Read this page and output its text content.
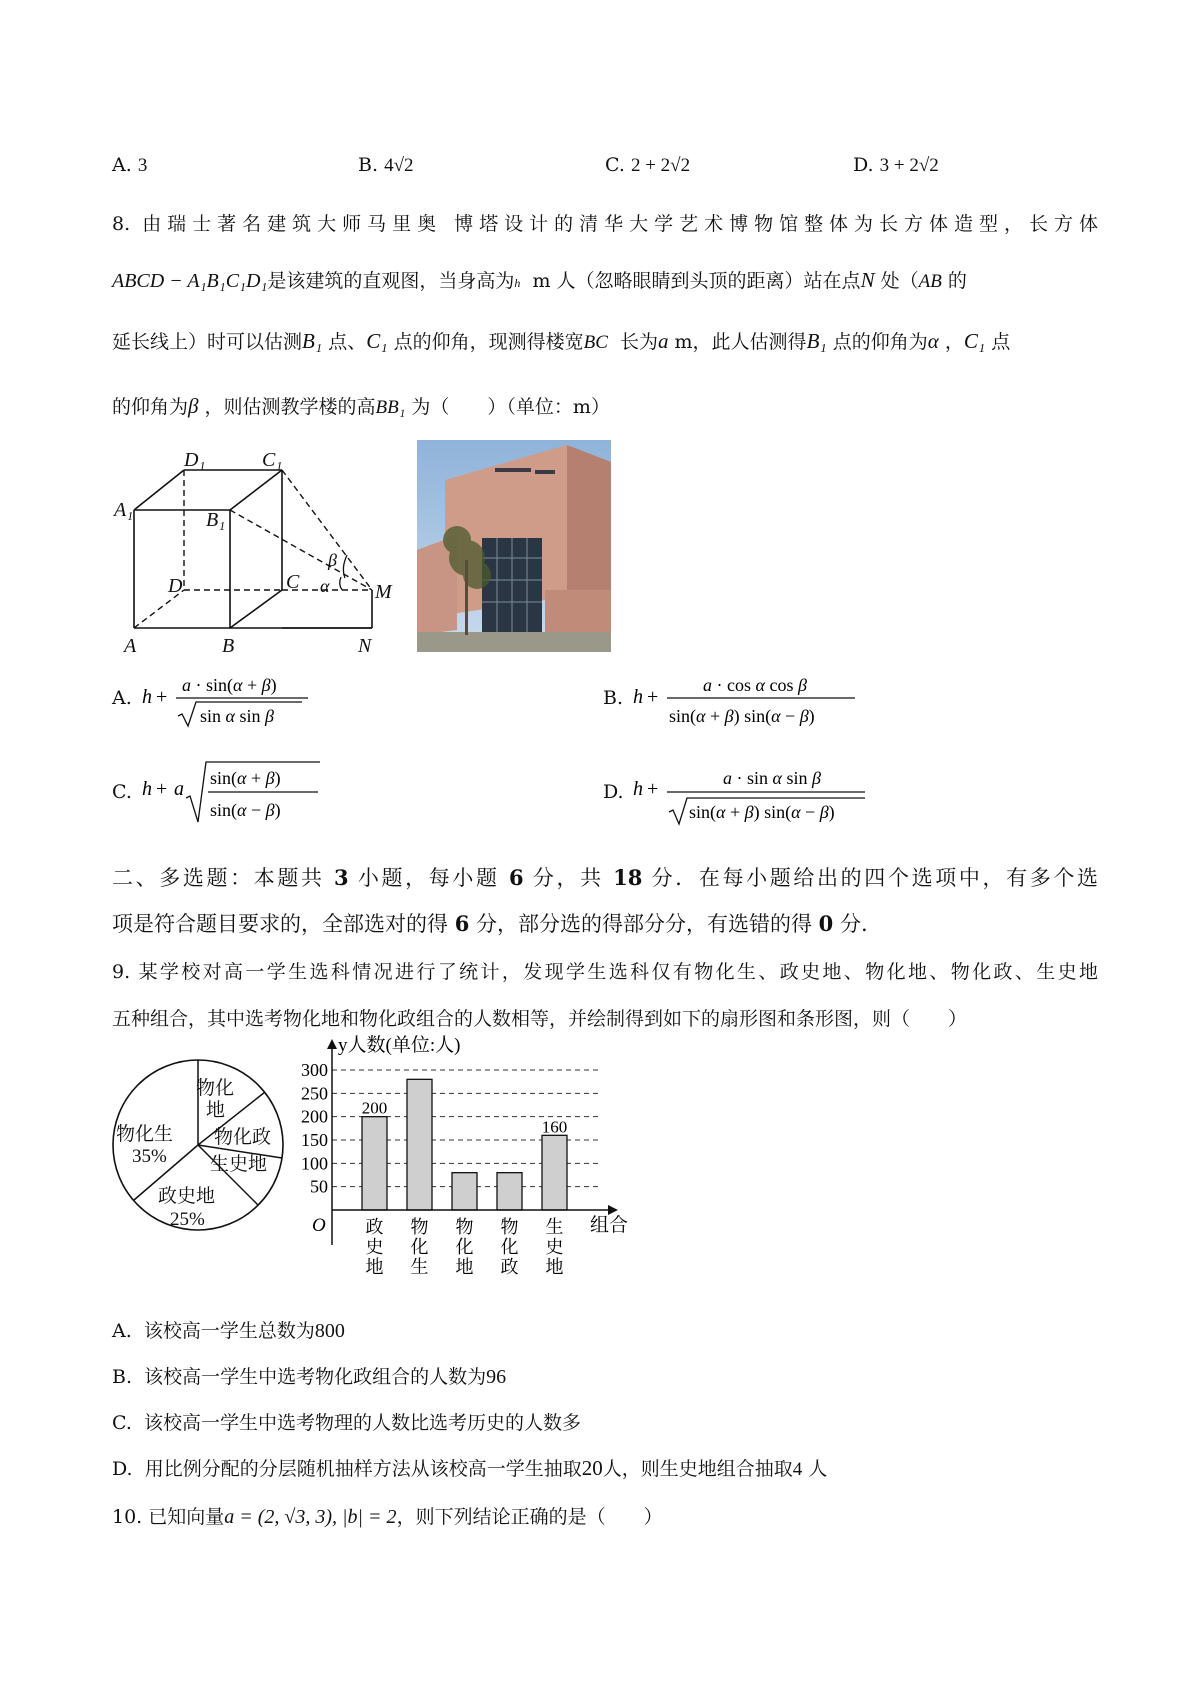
A. 3	B. 4√2	C. 2 + 2√2	D. 3 + 2√2
8. 由瑞士著名建筑大师马里奥 博塔设计的清华大学艺术博物馆整体为长方体造型，长方体
ABCD − A₁B₁C₁D₁是该建筑的直观图，当身高为h m 人（忽略眼睛到头顶的距离）站在点N 处（AB 的
延长线上）时可以估测B₁ 点、C₁ 点的仰角，现测得楼宽BC 长为a m，此人估测得B₁ 点的仰角为α ，C₁ 点
的仰角为β ，则估测教学楼的高BB₁ 为（　　）（单位：m）
A	B
C
D
A₁	B₁
C₁
D₁
M
N
α
β
A. h +
a · sin(α + β)
sin α sin β
B. h +
a · cos α cos β
sin(α + β) sin(α − β)
C. h + a sin(α + β)
sin(α − β)
D. h +	a · sin α sin β
sin(α + β) sin(α − β)
二、多选题：本题共 3 小题，每小题 6 分，共 18 分．在每小题给出的四个选项中，有多个选
项是符合题目要求的，全部选对的得 6 分，部分选的得部分分，有选错的得 0 分.
9. 某学校对高一学生选科情况进行了统计，发现学生选科仅有物化生、政史地、物化地、物化政、生史地
五种组合，其中选考物化地和物化政组合的人数相等，并绘制得到如下的扇形图和条形图，则（　　）
物化
地
物化政
生史地
政史地
25%
物化生
35%
50
100
150
200
250
300
政
史
地
物
化
生
物
化
地
物
化
政
生
史
地
200
160
y人数(单位:人)
组合
O
A. 该校高一学生总数为800
B. 该校高一学生中选考物化政组合的人数为96
C. 该校高一学生中选考物理的人数比选考历史的人数多
D. 用比例分配的分层随机抽样方法从该校高一学生抽取20人，则生史地组合抽取4 人
10. 已知向量a = (2, √3, 3), |b| = 2，则下列结论正确的是（　　）
